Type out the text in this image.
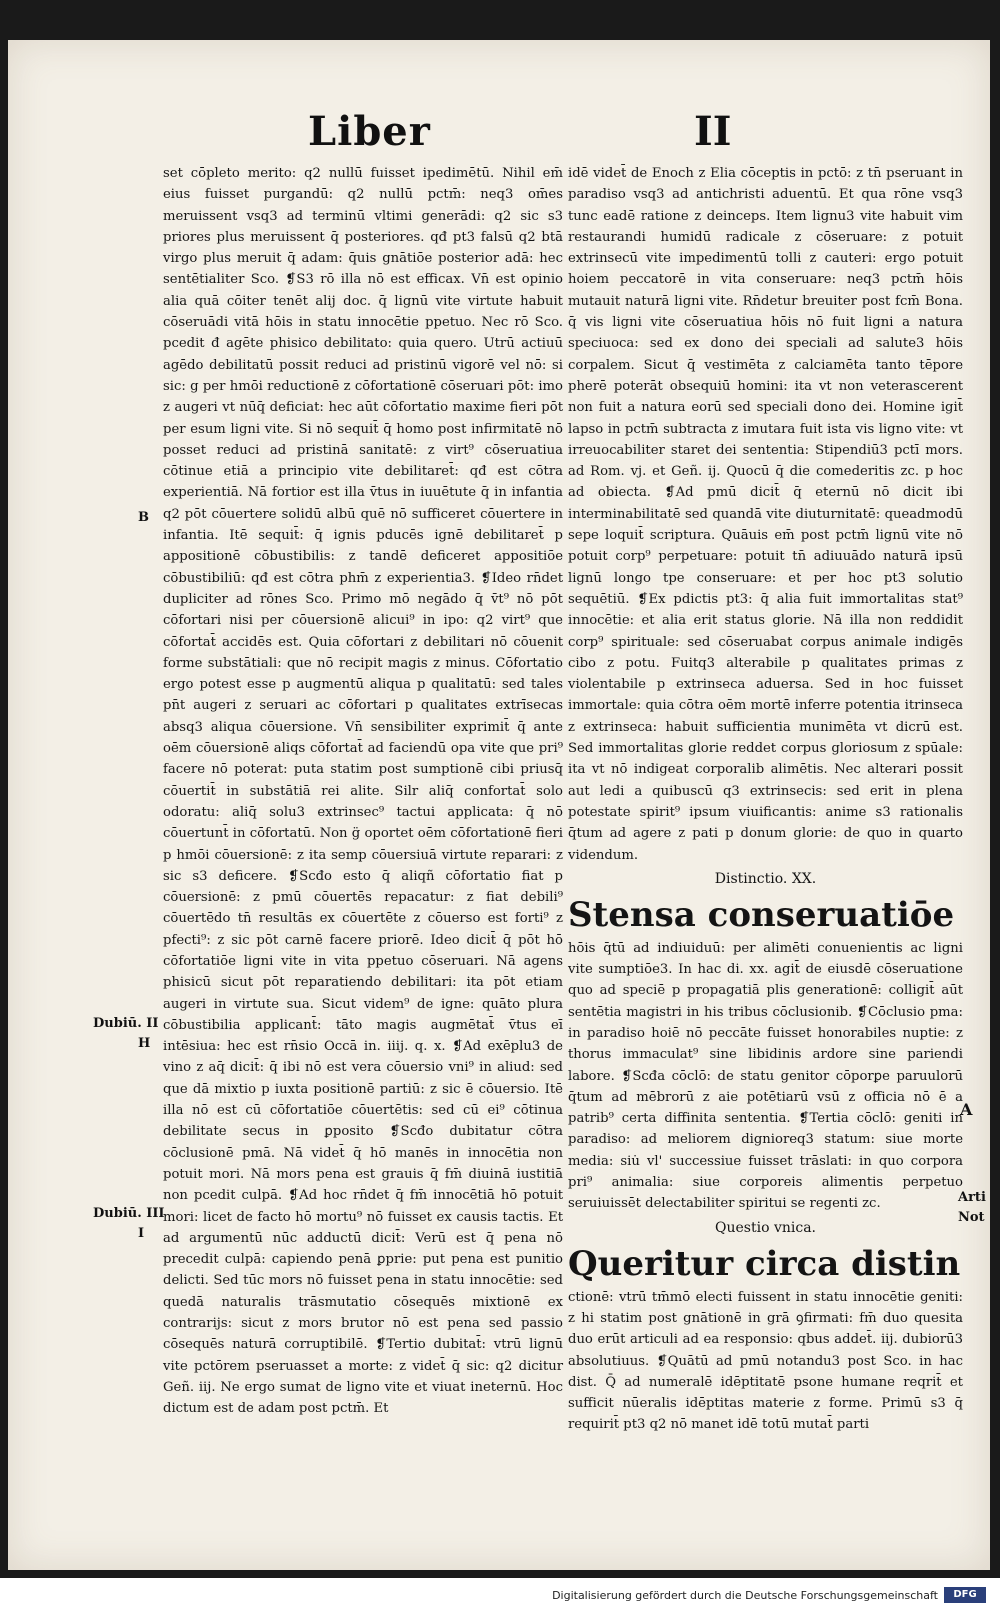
Liber	II

set cōpleto merito: q2 nullū fuisset ipedimētū. Nihil em̄ eius fuisset purgandū: q2 nullū pctm̄: neq3 om̄es meruissent vsq3 ad terminū vltimi generādi: q2 sic s3 priores plus meruissent q̄ posteriores. qđ pt3 falsū q2 btā virgo plus meruit q̄ adam: q̄uis gnātiōe posterior adā: hec sentētialiter Sco. ❡S3 rō illa nō est efficax. Vn̄ est opinio alia quā cōiter tenēt alij doc. q̄ lignū vite virtute habuit cōseruādi vitā hōis in statu innocētie ppetuo. Nec rō Sco. pcedit đ agēte phisico debilitato: quia quero. Utrū actiuū agēdo debilitatū possit reduci ad pristinū vigorē vel nō: si sic: g per hmōi reductionē z cōfortationē cōseruari pōt: imo z augeri vt nūq̄ deficiat: hec aūt cōfortatio maxime fieri pōt per esum ligni vite. Si nō sequit̄ q̄ homo post infirmitatē nō posset reduci ad pristinā sanitatē: z virt⁹ cōseruatiua cōtinue etiā a principio vite debilitaret̄: qđ est cōtra experientiā. Nā fortior est illa v̄tus in iuuētute q̄ in infantia q2 pōt cōuertere solidū albū quē nō sufficeret cōuertere in infantia. Itē sequit̄: q̄ ignis pducēs ignē debilitaret̄ p appositionē cōbustibilis: z tandē deficeret appositiōe cōbustibiliū: qđ est cōtra phm̄ z experientia3. ❡Ideo rn̄det dupliciter ad rōnes Sco. Primo mō negādo q̄ v̄t⁹ nō pōt cōfortari nisi per cōuersionē alicui⁹ in ipo: q2 virt⁹ que cōfortat̄ accidēs est. Quia cōfortari z debilitari nō cōuenit forme substātiali: que nō recipit magis z minus. Cōfortatio ergo potest esse p augmentū aliqua p qualitatū: sed tales pn̄t augeri z seruari ac cōfortari p qualitates extrīsecas absq3 aliqua cōuersione. Vn̄ sensibiliter exprimit̄ q̄ ante oēm cōuersionē aliqs cōfortat̄ ad faciendū opa vite que pri⁹ facere nō poterat: puta statim post sumptionē cibi priusq̄ cōuertit̄ in substātiā rei alite. Silr aliq̄ confortat̄ solo odoratu: aliq̄ solu3 extrinsec⁹ tactui applicata: q̄ nō cōuertunt̄ in cōfortatū. Non g̈ oportet oēm cōfortationē fieri p hmōi cōuersionē: z ita semp cōuersiuā virtute reparari: z sic s3 deficere. ❡Scđo esto q̄ aliqñ cōfortatio fiat p cōuersionē: z pmū cōuertēs repacatur: z fiat debili⁹ cōuertēdo tn̄ resultās ex cōuertēte z cōuerso est forti⁹ z pfecti⁹: z sic pōt carnē facere priorē. Ideo dicit̄ q̄ pōt hō cōfortatiōe ligni vite in vita ppetuo cōseruari. Nā agens phisicū sicut pōt reparatiendo debilitari: ita pōt etiam augeri in virtute sua. Sicut videm⁹ de igne: quāto plura cōbustibilia applicant̄: tāto magis augmētat̄ v̄tus eī intēsiua: hec est rn̄sio Occā in. iiij. q. x. ❡Ad exēplu3 de vino z aq̄ dicit̄: q̄ ibi nō est vera cōuersio vni⁹ in aliud: sed que dā mixtio p iuxta positionē partiū: z sic ē cōuersio. Itē illa nō est cū cōfortatiōe cōuertētis: sed cū ei⁹ cōtinua debilitate secus in ꝑposito ❡Scđo dubitatur cōtra cōclusionē pmā. Nā videt̄ q̄ hō manēs in innocētia non potuit mori. Nā mors pena est grauis q̄ fm̄ diuinā iustitiā non pcedit culpā. ❡Ad hoc rn̄det q̄ fm̄ innocētiā hō potuit mori: licet de facto hō mortu⁹ nō fuisset ex causis tactis. Et ad argumentū nūc adductū dicit̄: Verū est q̄ pena nō precedit culpā: capiendo penā ꝑprie: put pena est punitio delicti. Sed tūc mors nō fuisset pena in statu innocētie: sed quedā naturalis trāsmutatio cōsequēs mixtionē ex contrarijs: sicut z mors brutor nō est pena sed passio cōsequēs naturā corruptibilē. ❡Tertio dubitat̄: vtrū lignū vite pctōrem pseruasset a morte: z videt̄ q̄ sic: q2 dicitur Geñ. iij. Ne ergo sumat de ligno vite et viuat ineternū. Hoc dictum est de adam post pctm̄. Et

idē videt̄ de Enoch z Elia cōceptis in pctō: z tn̄ pseruant in paradiso vsq3 ad antichristi aduentū. Et qua rōne vsq3 tunc eadē ratione z deinceps. Item lignu3 vite habuit vim restaurandi humidū radicale z cōseruare: z potuit extrinsecū vite impedimentū tolli z cauteri: ergo potuit hoiem peccatorē in vita conseruare: neq3 pctm̄ hōis mutauit naturā ligni vite. Rn̄detur breuiter post fcm̄ Bona. q̄ vis ligni vite cōseruatiua hōis nō fuit ligni a natura speciuoca: sed ex dono dei speciali ad salute3 hōis corpalem. Sicut q̄ vestimēta z calciamēta tanto tēpore pherē poterāt obsequiū homini: ita vt non veterascerent non fuit a natura eorū sed speciali dono dei. Homine igit̄ lapso in pctm̄ subtracta z imutara fuit ista vis ligno vite: vt irreuocabiliter staret dei sententia: Stipendiū3 pctī mors. ad Rom. vj. et Geñ. ij. Quocū q̄ die comederitis zc. p hoc ad obiecta. ❡Ad pmū dicit̄ q̄ eternū nō dicit ibi interminabilitatē sed quandā vite diuturnitatē: queadmodū sepe loquit̄ scriptura. Quāuis em̄ post pctm̄ lignū vite nō potuit corp⁹ perpetuare: potuit tn̄ adiuuādo naturā ipsū lignū longo tpe conseruare: et per hoc pt3 solutio sequētiū. ❡Ex pdictis pt3: q̄ alia fuit immortalitas stat⁹ innocētie: et alia erit status glorie. Nā illa non reddidit corp⁹ spirituale: sed cōseruabat corpus animale indigēs cibo z potu. Fuitq3 alterabile p qualitates primas z violentabile p extrinseca aduersa. Sed in hoc fuisset immortale: quia cōtra oēm mortē inferre potentia itrinseca z extrinseca: habuit sufficientia munimēta vt dicrū est. Sed immortalitas glorie reddet corpus gloriosum z spūale: ita vt nō indigeat corporalib alimētis. Nec alterari possit aut ledi a quibuscū q3 extrinsecis: sed erit in plena potestate spirit⁹ ipsum viuificantis: anime s3 rationalis q̄tum ad agere z pati p donum glorie: de quo in quarto videndum.

Distinctio. XX.
Stensa conseruatiōe

hōis q̄tū ad indiuiduū: per alimēti conuenientis ac ligni vite sumptiōe3. In hac di. xx. agit̄ de eiusdē cōseruatione quo ad speciē p propagatiā plis generationē: colligit̄ aūt sentētia magistri in his tribus cōclusionib. ❡Cōclusio pma: in paradiso hoiē nō peccāte fuisset honorabiles nuptie: z thorus immaculat⁹ sine libidinis ardore sine pariendi labore. ❡Scđa cōclō: de statu genitor cōporꝑe paruulorū q̄tum ad mēbrorū z aie potētiarū vsū z officia nō ē a patrib⁹ certa diffinita sententia. ❡Tertia cōclō: geniti in paradiso: ad meliorem dignioreq3 statum: siue morte media: siu̇ vl' successiue fuisset trāslati: in quo corpora pri⁹ animalia: siue corporeis alimentis perpetuo seruiuissēt delectabiliter spiritui se regenti zc.

Questio vnica.
Queritur circa distin

ctionē: vtrū tm̄mō electi fuissent in statu innocētie geniti: z hi statim post gnātionē in grā ꝯfirmati: fm̄ duo quesita duo erūt articuli ad ea responsio: qbus addet̄. iij. dubiorū3 absolutiuus. ❡Quātū ad pmū notandu3 post Sco. in hac dist. Q̄ ad numeralē idēptitatē psone humane reqrit̄ et sufficit nūeralis idēptitas materie z forme. Primū s3 q̄ requirit̄ pt3 q2 nō manet idē totū mutat̄ parti

B
Dubiū. II
H
Dubiū. III
I
A
Arti
Not
Digitalisierung gefördert durch die Deutsche Forschungsgemeinschaft	DFG
